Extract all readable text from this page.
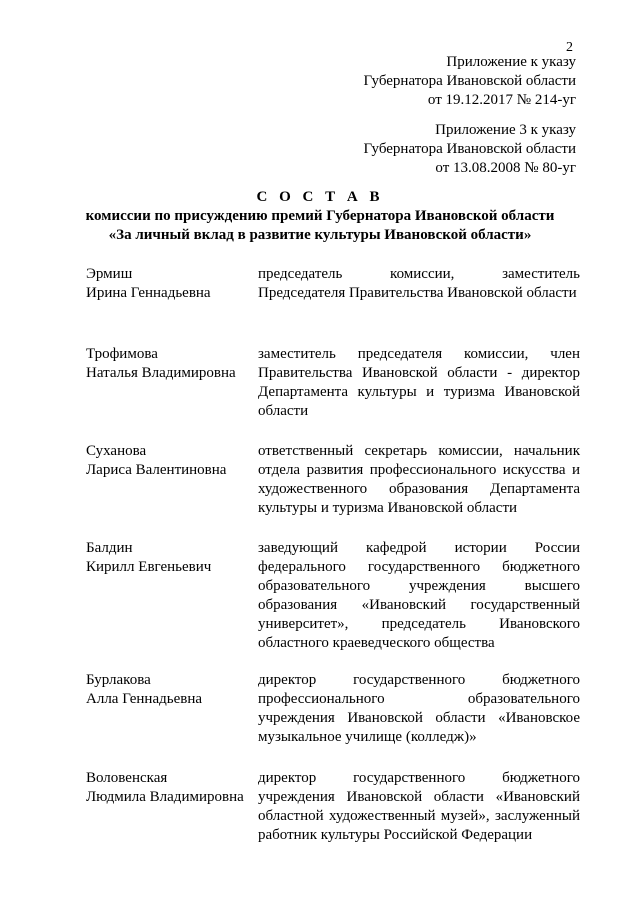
2
Приложение к указу
Губернатора Ивановской области
от 19.12.2017 № 214-уг
Приложение 3 к указу
Губернатора Ивановской области
от 13.08.2008 № 80-уг
С О С Т А В
комиссии по присуждению премий Губернатора Ивановской области
«За личный вклад в развитие культуры Ивановской области»
Эрмиш
Ирина Геннадьевна
председатель комиссии, заместитель Председателя Правительства Ивановской области
Трофимова
Наталья Владимировна
заместитель председателя комиссии, член Правительства Ивановской области - директор Департамента культуры и туризма Ивановской области
Суханова
Лариса Валентиновна
ответственный секретарь комиссии, начальник отдела развития профессионального искусства и художественного образования Департамента культуры и туризма Ивановской области
Балдин
Кирилл Евгеньевич
заведующий кафедрой истории России федерального государственного бюджетного образовательного учреждения высшего образования «Ивановский государственный университет», председатель Ивановского областного краеведческого общества
Бурлакова
Алла Геннадьевна
директор государственного бюджетного профессионального образовательного учреждения Ивановской области «Ивановское музыкальное училище (колледж)»
Воловенская
Людмила Владимировна
директор государственного бюджетного учреждения Ивановской области «Ивановский областной художественный музей», заслуженный работник культуры Российской Федерации
